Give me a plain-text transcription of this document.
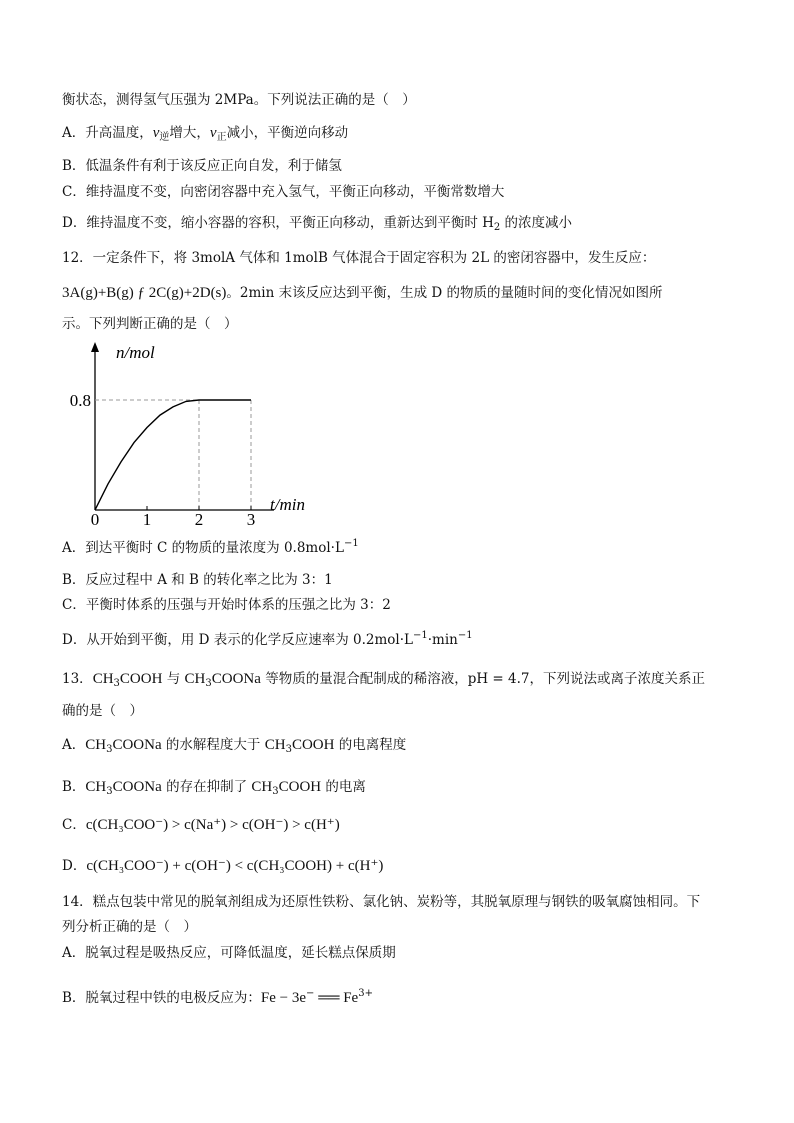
衡状态，测得氢气压强为 2MPa。下列说法正确的是（　）
A．升高温度，$v_逆$增大，$v_正$减小，平衡逆向移动
B．低温条件有利于该反应正向自发，利于储氢
C．维持温度不变，向密闭容器中充入氢气，平衡正向移动，平衡常数增大
D．维持温度不变，缩小容器的容积，平衡正向移动，重新达到平衡时 $H_2$ 的浓度减小
12．一定条件下，将 3molA 气体和 1molB 气体混合于固定容积为 2L 的密闭容器中，发生反应：
3A(g)+B(g) ƒ 2C(g)+2D(s)。2min 末该反应达到平衡，生成 D 的物质的量随时间的变化情况如图所
示。下列判断正确的是（　）
0	1	2	3
0.8
n/mol
t/min
A．到达平衡时 C 的物质的量浓度为 $0.8mol\cdot L^{-1}$
B．反应过程中 A 和 B 的转化率之比为 3：1
C．平衡时体系的压强与开始时体系的压强之比为 3：2
D．从开始到平衡，用 D 表示的化学反应速率为 $0.2mol\cdot L^{-1}\cdot\min^{-1}$
13．$CH_3COOH$ 与 $CH_3COONa$ 等物质的量混合配制成的稀溶液，pH = 4.7，下列说法或离子浓度关系正
确的是（　）
A．$CH_3COONa$ 的水解程度大于 $CH_3COOH$ 的电离程度
B．$CH_3COONa$ 的存在抑制了 $CH_3COOH$ 的电离
C．c(CH₃COO⁻) > c(Na⁺) > c(OH⁻) > c(H⁺)
D．c(CH₃COO⁻) + c(OH⁻) < c(CH₃COOH) + c(H⁺)
14．糕点包装中常见的脱氧剂组成为还原性铁粉、氯化钠、炭粉等，其脱氧原理与钢铁的吸氧腐蚀相同。下
列分析正确的是（　）
A．脱氧过程是吸热反应，可降低温度，延长糕点保质期
B．脱氧过程中铁的电极反应为：Fe − 3e− ══ $Fe^{3+}$
